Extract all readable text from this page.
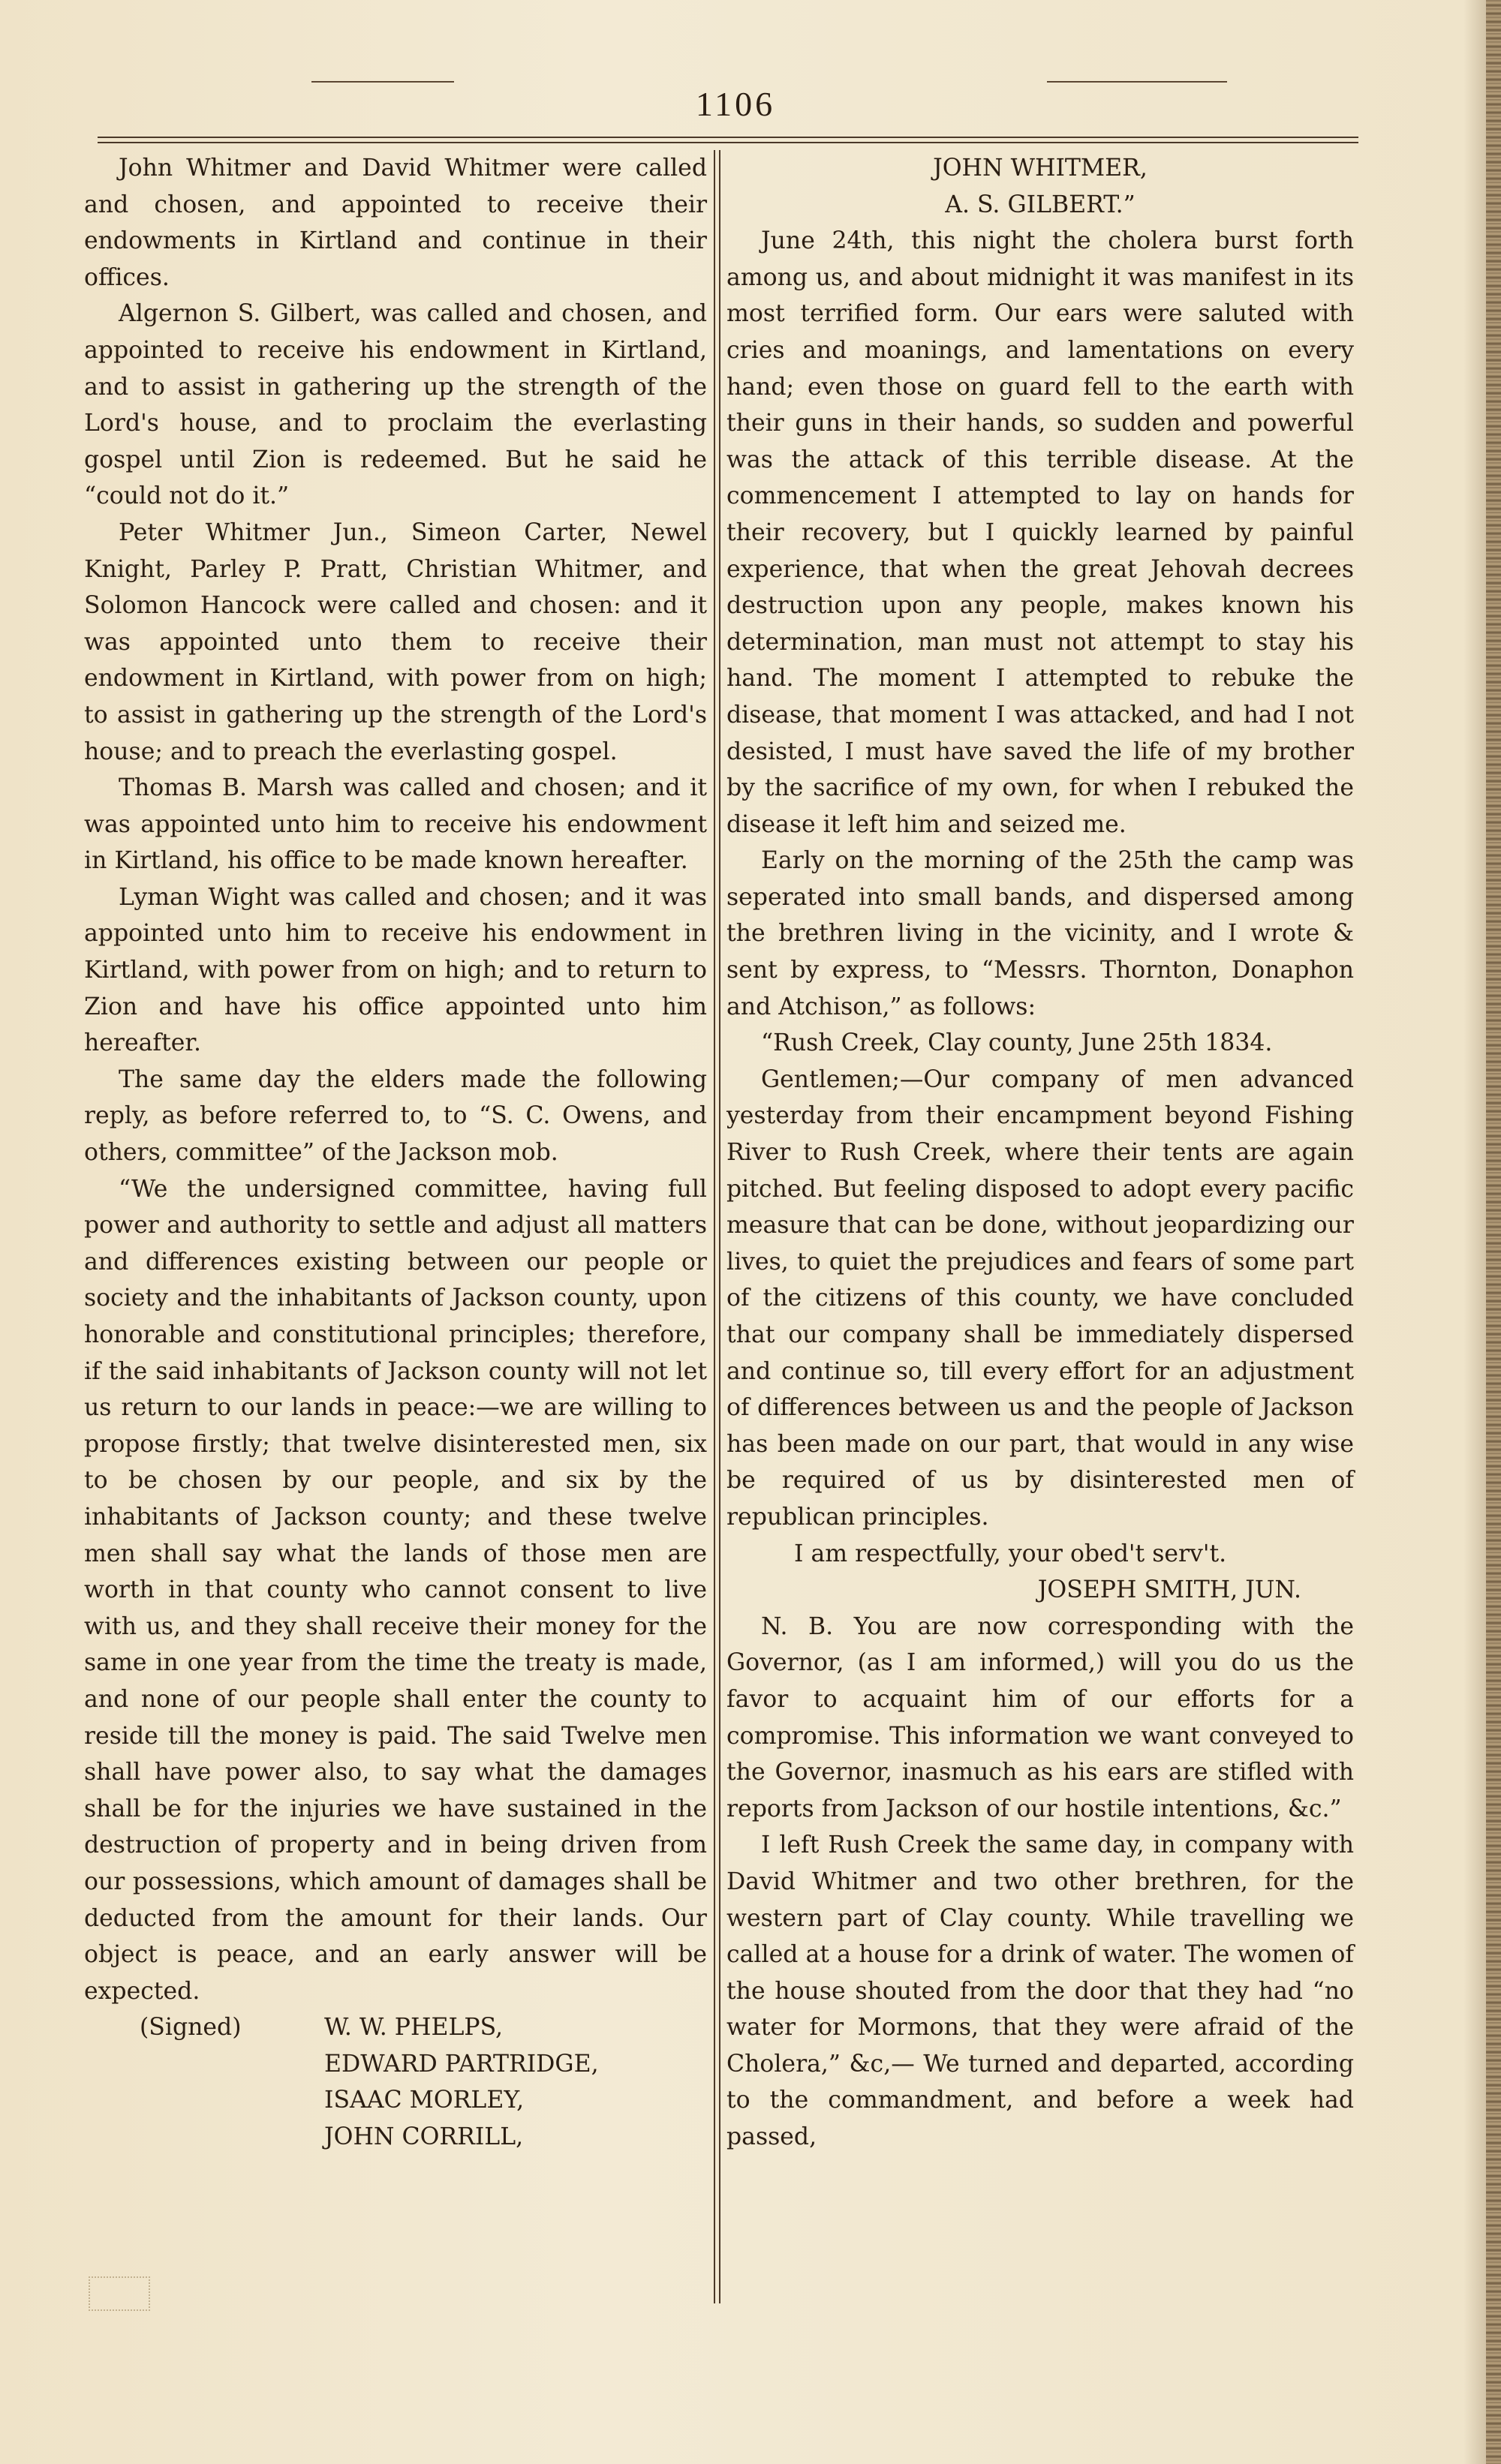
1106

John Whitmer and David Whitmer were called and chosen, and appointed to receive their endowments in Kirtland and continue in their offices.

Algernon S. Gilbert, was called and chosen, and appointed to receive his endowment in Kirtland, and to assist in gathering up the strength of the Lord's house, and to proclaim the everlasting gospel until Zion is redeemed. But he said he “could not do it.”

Peter Whitmer Jun., Simeon Carter, Newel Knight, Parley P. Pratt, Christian Whitmer, and Solomon Hancock were called and chosen: and it was appointed unto them to receive their endowment in Kirtland, with power from on high; to assist in gathering up the strength of the Lord's house; and to preach the everlasting gospel.

Thomas B. Marsh was called and chosen; and it was appointed unto him to receive his endowment in Kirtland, his office to be made known hereafter.

Lyman Wight was called and chosen; and it was appointed unto him to receive his endowment in Kirtland, with power from on high; and to return to Zion and have his office appointed unto him hereafter.

The same day the elders made the following reply, as before referred to, to “S. C. Owens, and others, committee” of the Jackson mob.

“We the undersigned committee, having full power and authority to settle and adjust all matters and differences existing between our people or society and the inhabitants of Jackson county, upon honorable and constitutional principles; therefore, if the said inhabitants of Jackson county will not let us return to our lands in peace:—we are willing to propose firstly; that twelve disinterested men, six to be chosen by our people, and six by the inhabitants of Jackson county; and these twelve men shall say what the lands of those men are worth in that county who cannot consent to live with us, and they shall receive their money for the same in one year from the time the treaty is made, and none of our people shall enter the county to reside till the money is paid. The said Twelve men shall have power also, to say what the damages shall be for the injuries we have sustained in the destruction of property and in being driven from our possessions, which amount of damages shall be deducted from the amount for their lands. Our object is peace, and an early answer will be expected.

(Signed)	W. W. PHELPS,
EDWARD PARTRIDGE,
ISAAC MORLEY,
JOHN CORRILL,

JOHN WHITMER,

A. S. GILBERT.”

June 24th, this night the cholera burst forth among us, and about midnight it was manifest in its most terrified form. Our ears were saluted with cries and moanings, and lamentations on every hand; even those on guard fell to the earth with their guns in their hands, so sudden and powerful was the attack of this terrible disease. At the commencement I attempted to lay on hands for their recovery, but I quickly learned by painful experience, that when the great Jehovah decrees destruction upon any people, makes known his determination, man must not attempt to stay his hand. The moment I attempted to rebuke the disease, that moment I was attacked, and had I not desisted, I must have saved the life of my brother by the sacrifice of my own, for when I rebuked the disease it left him and seized me.

Early on the morning of the 25th the camp was seperated into small bands, and dispersed among the brethren living in the vicinity, and I wrote & sent by express, to “Messrs. Thornton, Donaphon and Atchison,” as follows:

“Rush Creek, Clay county, June 25th 1834.

Gentlemen;—Our company of men advanced yesterday from their encampment beyond Fishing River to Rush Creek, where their tents are again pitched. But feeling disposed to adopt every pacific measure that can be done, without jeopardizing our lives, to quiet the prejudices and fears of some part of the citizens of this county, we have concluded that our company shall be immediately dispersed and continue so, till every effort for an adjustment of differences between us and the people of Jackson has been made on our part, that would in any wise be required of us by disinterested men of republican principles.

I am respectfully, your obed't serv't.

JOSEPH SMITH, JUN.

N. B. You are now corresponding with the Governor, (as I am informed,) will you do us the favor to acquaint him of our efforts for a compromise. This information we want conveyed to the Governor, inasmuch as his ears are stifled with reports from Jackson of our hostile intentions, &c.”

I left Rush Creek the same day, in company with David Whitmer and two other brethren, for the western part of Clay county. While travelling we called at a house for a drink of water. The women of the house shouted from the door that they had “no water for Mormons, that they were afraid of the Cholera,” &c,— We turned and departed, according to the commandment, and before a week had passed,
